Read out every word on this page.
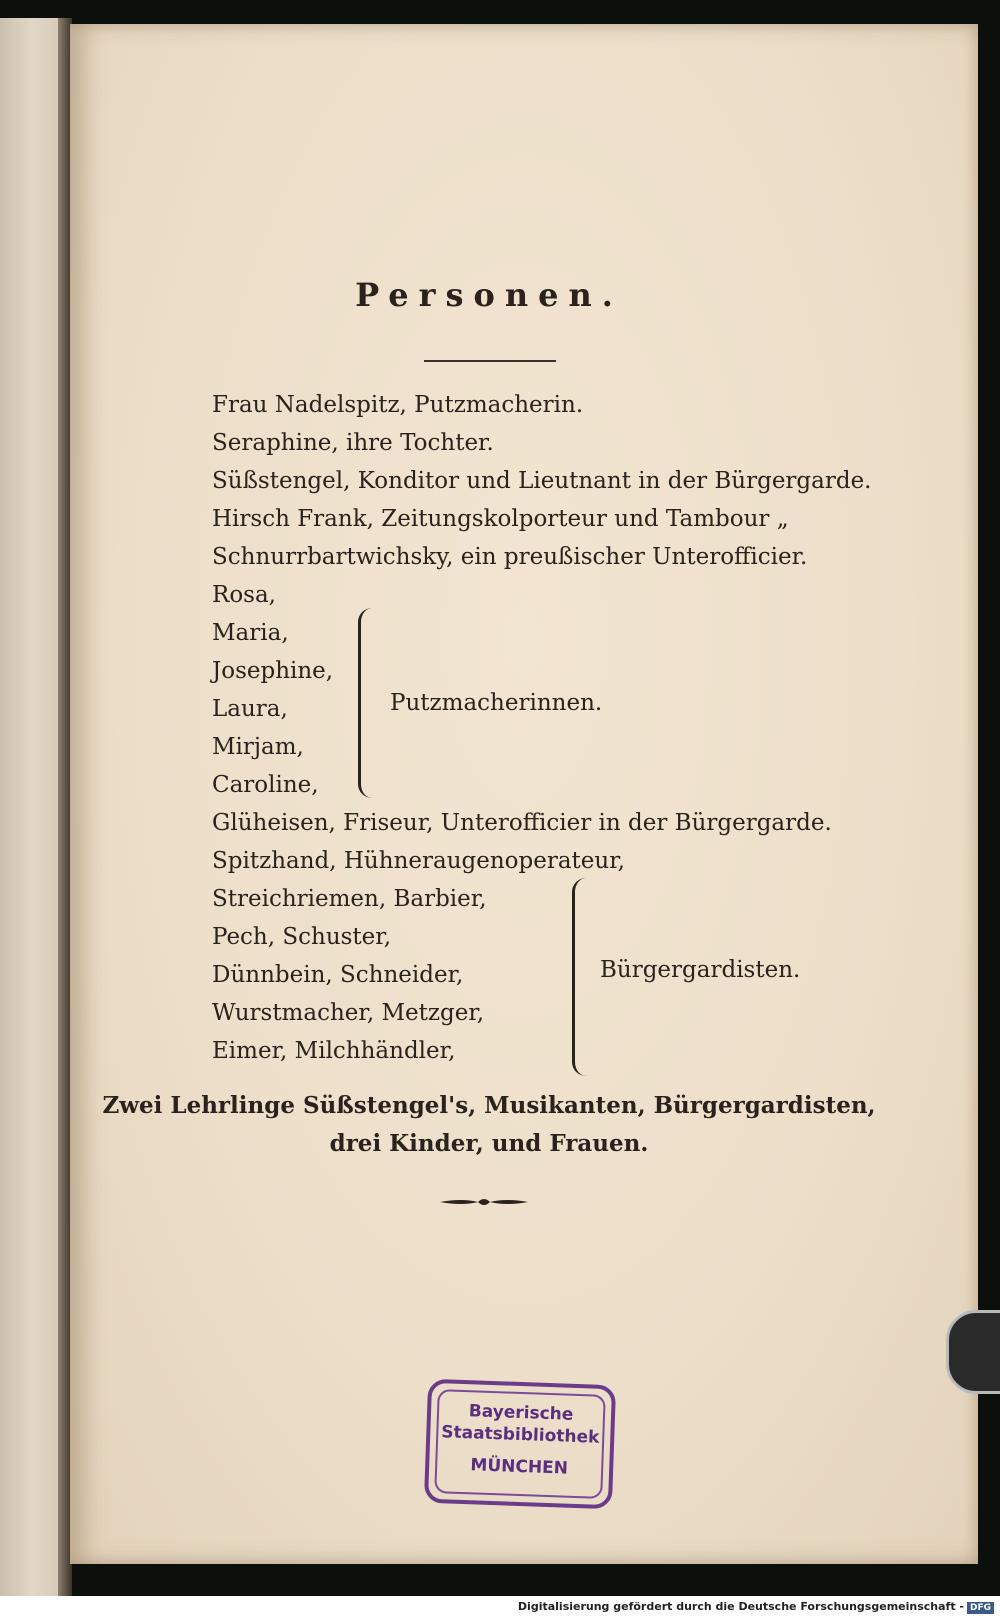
Personen.
Frau Nadelspitz, Putzmacherin.
Seraphine, ihre Tochter.
Süßstengel, Konditor und Lieutnant in der Bürgergarde.
Hirsch Frank, Zeitungskolporteur und Tambour „
Schnurrbartwichsky, ein preußischer Unterofficier.
Rosa,
Maria,
Josephine,
Laura,
Mirjam,
Caroline,
Putzmacherinnen.
Glüheisen, Friseur, Unterofficier in der Bürgergarde.
Spitzhand, Hühneraugenoperateur,
Streichriemen, Barbier,
Pech, Schuster,
Dünnbein, Schneider,
Wurstmacher, Metzger,
Eimer, Milchhändler,
Bürgergardisten.
Zwei Lehrlinge Süßstengel's, Musikanten, Bürgergardisten,
drei Kinder, und Frauen.
Bayerische
Staatsbibliothek
MÜNCHEN
Digitalisierung gefördert durch die Deutsche Forschungsgemeinschaft - DFG
